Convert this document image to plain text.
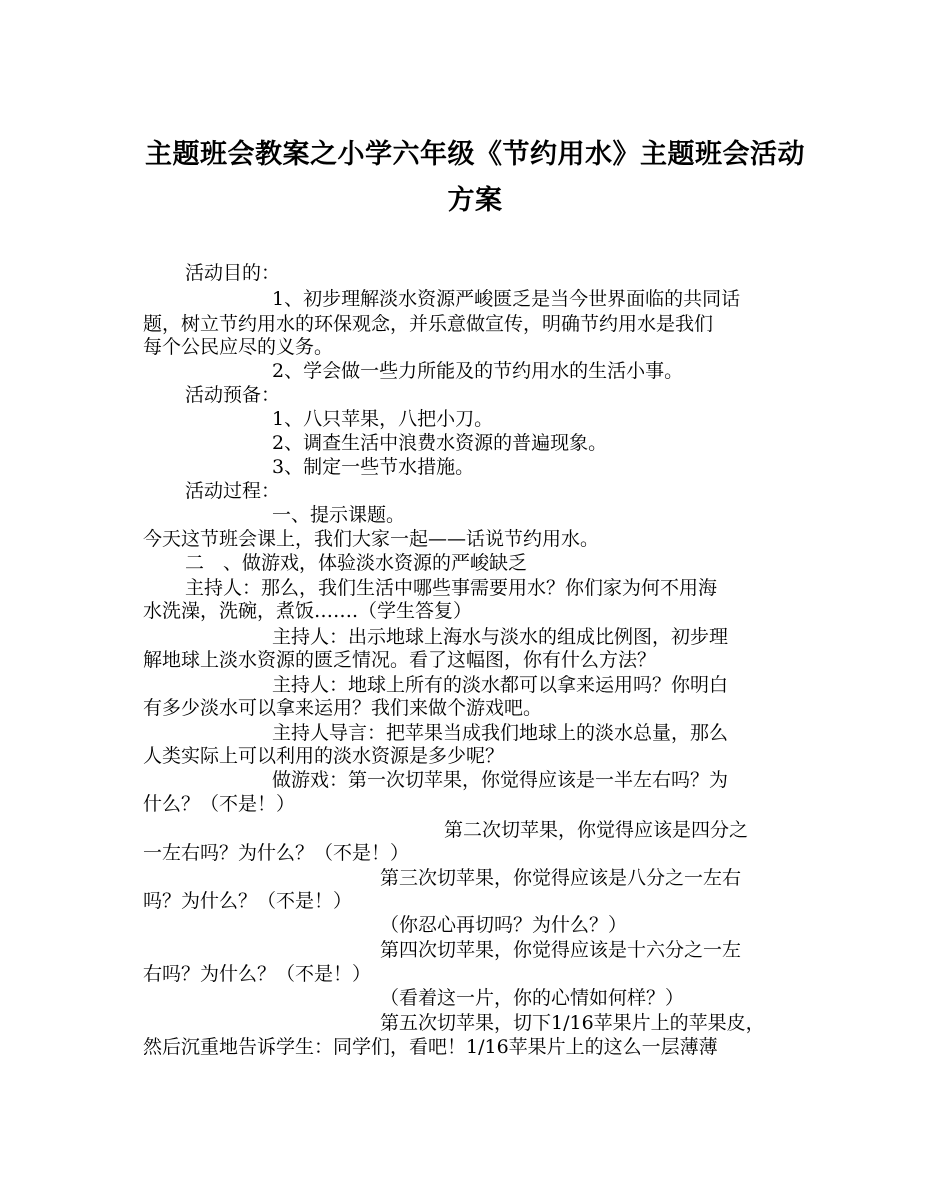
主题班会教案之小学六年级《节约用水》主题班会活动
方案
活动目的：
1、初步理解淡水资源严峻匮乏是当今世界面临的共同话
题，树立节约用水的环保观念，并乐意做宣传，明确节约用水是我们
每个公民应尽的义务。
2、学会做一些力所能及的节约用水的生活小事。
活动预备：
1、八只苹果，八把小刀。
2、调查生活中浪费水资源的普遍现象。
3、制定一些节水措施。
活动过程：
一、提示课题。
今天这节班会课上，我们大家一起——话说节约用水。
二　、做游戏，体验淡水资源的严峻缺乏
主持人：那么，我们生活中哪些事需要用水？你们家为何不用海
水洗澡，洗碗，煮饭…….（学生答复）
主持人：出示地球上海水与淡水的组成比例图，初步理
解地球上淡水资源的匮乏情况。看了这幅图，你有什么方法？
主持人：地球上所有的淡水都可以拿来运用吗？你明白
有多少淡水可以拿来运用？我们来做个游戏吧。
主持人导言：把苹果当成我们地球上的淡水总量，那么
人类实际上可以利用的淡水资源是多少呢？
做游戏：第一次切苹果，你觉得应该是一半左右吗？为
什么？（不是！）
第二次切苹果，你觉得应该是四分之
一左右吗？为什么？（不是！）
第三次切苹果，你觉得应该是八分之一左右
吗？为什么？（不是！）
（你忍心再切吗？为什么？）
第四次切苹果，你觉得应该是十六分之一左
右吗？为什么？（不是！）
（看着这一片，你的心情如何样？）
第五次切苹果，切下1/16苹果片上的苹果皮，
然后沉重地告诉学生：同学们，看吧！1/16苹果片上的这么一层薄薄
